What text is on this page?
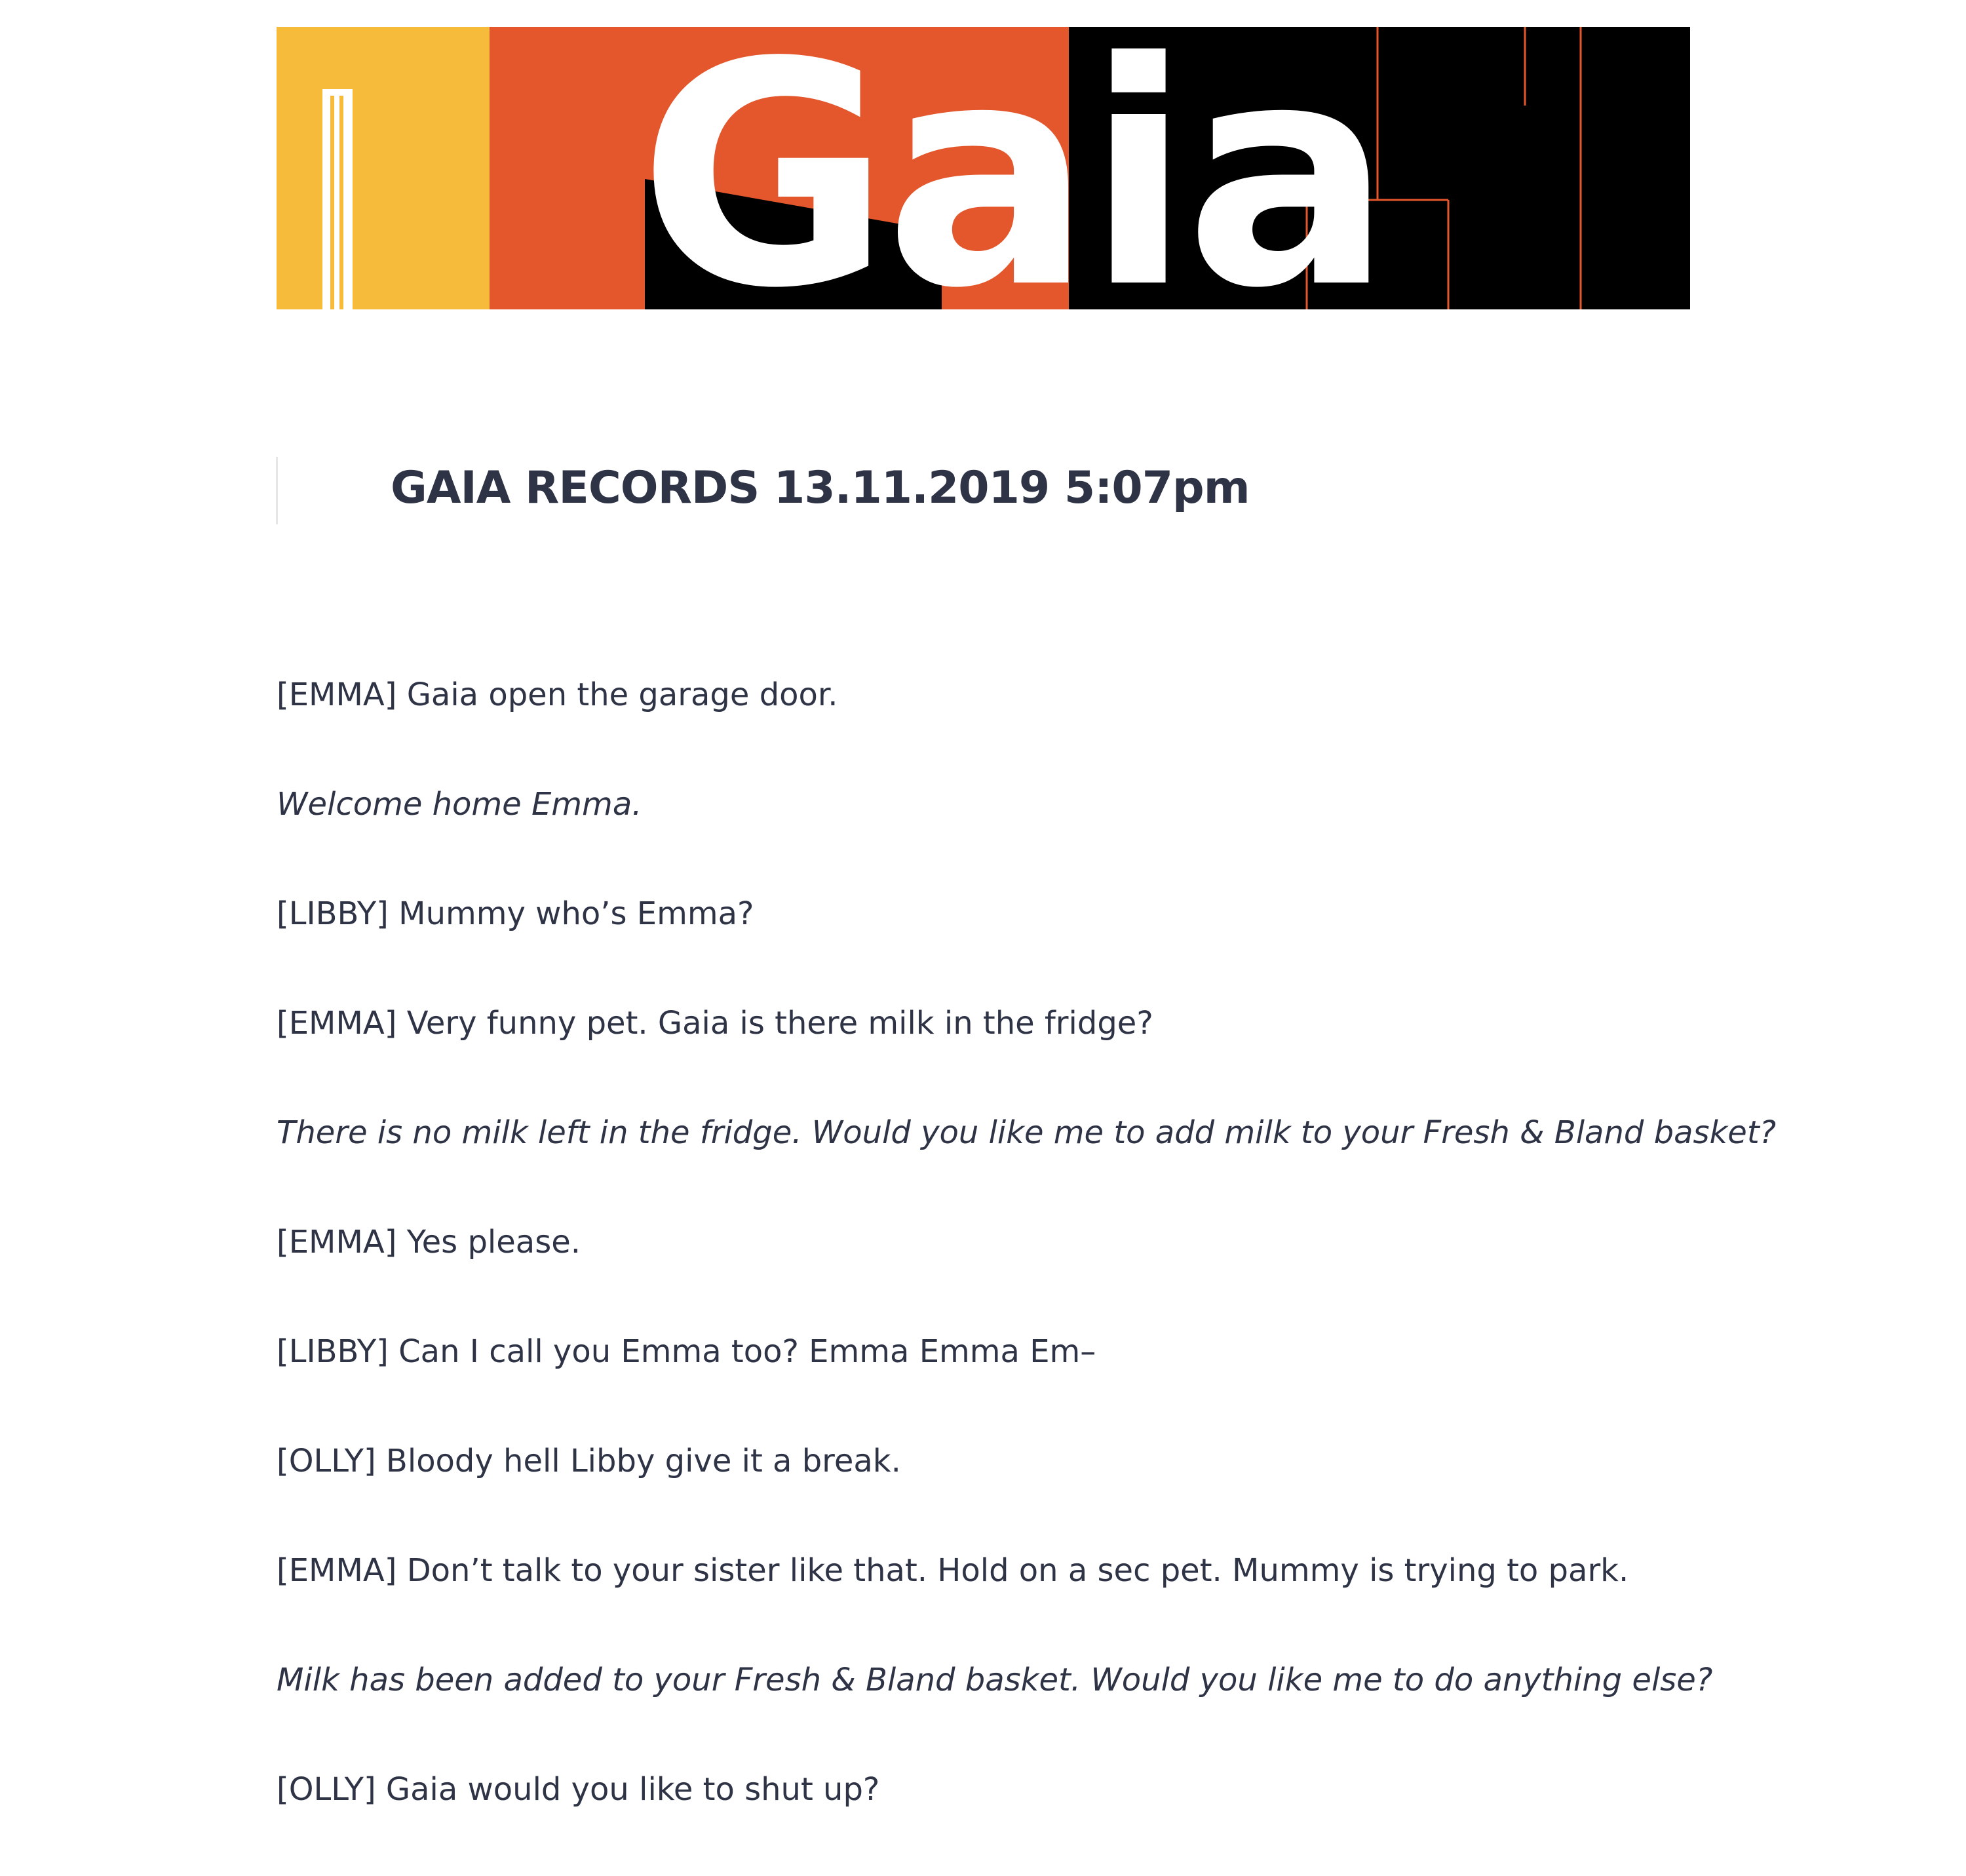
Gaia
GAIA RECORDS 13.11.2019 5:07pm
[EMMA] Gaia open the garage door.
Welcome home Emma.
[LIBBY] Mummy who’s Emma?
[EMMA] Very funny pet. Gaia is there milk in the fridge?
There is no milk left in the fridge. Would you like me to add milk to your Fresh & Bland basket?
[EMMA] Yes please.
[LIBBY] Can I call you Emma too? Emma Emma Em–
[OLLY] Bloody hell Libby give it a break.
[EMMA] Don’t talk to your sister like that. Hold on a sec pet. Mummy is trying to park.
Milk has been added to your Fresh & Bland basket. Would you like me to do anything else?
[OLLY] Gaia would you like to shut up?
